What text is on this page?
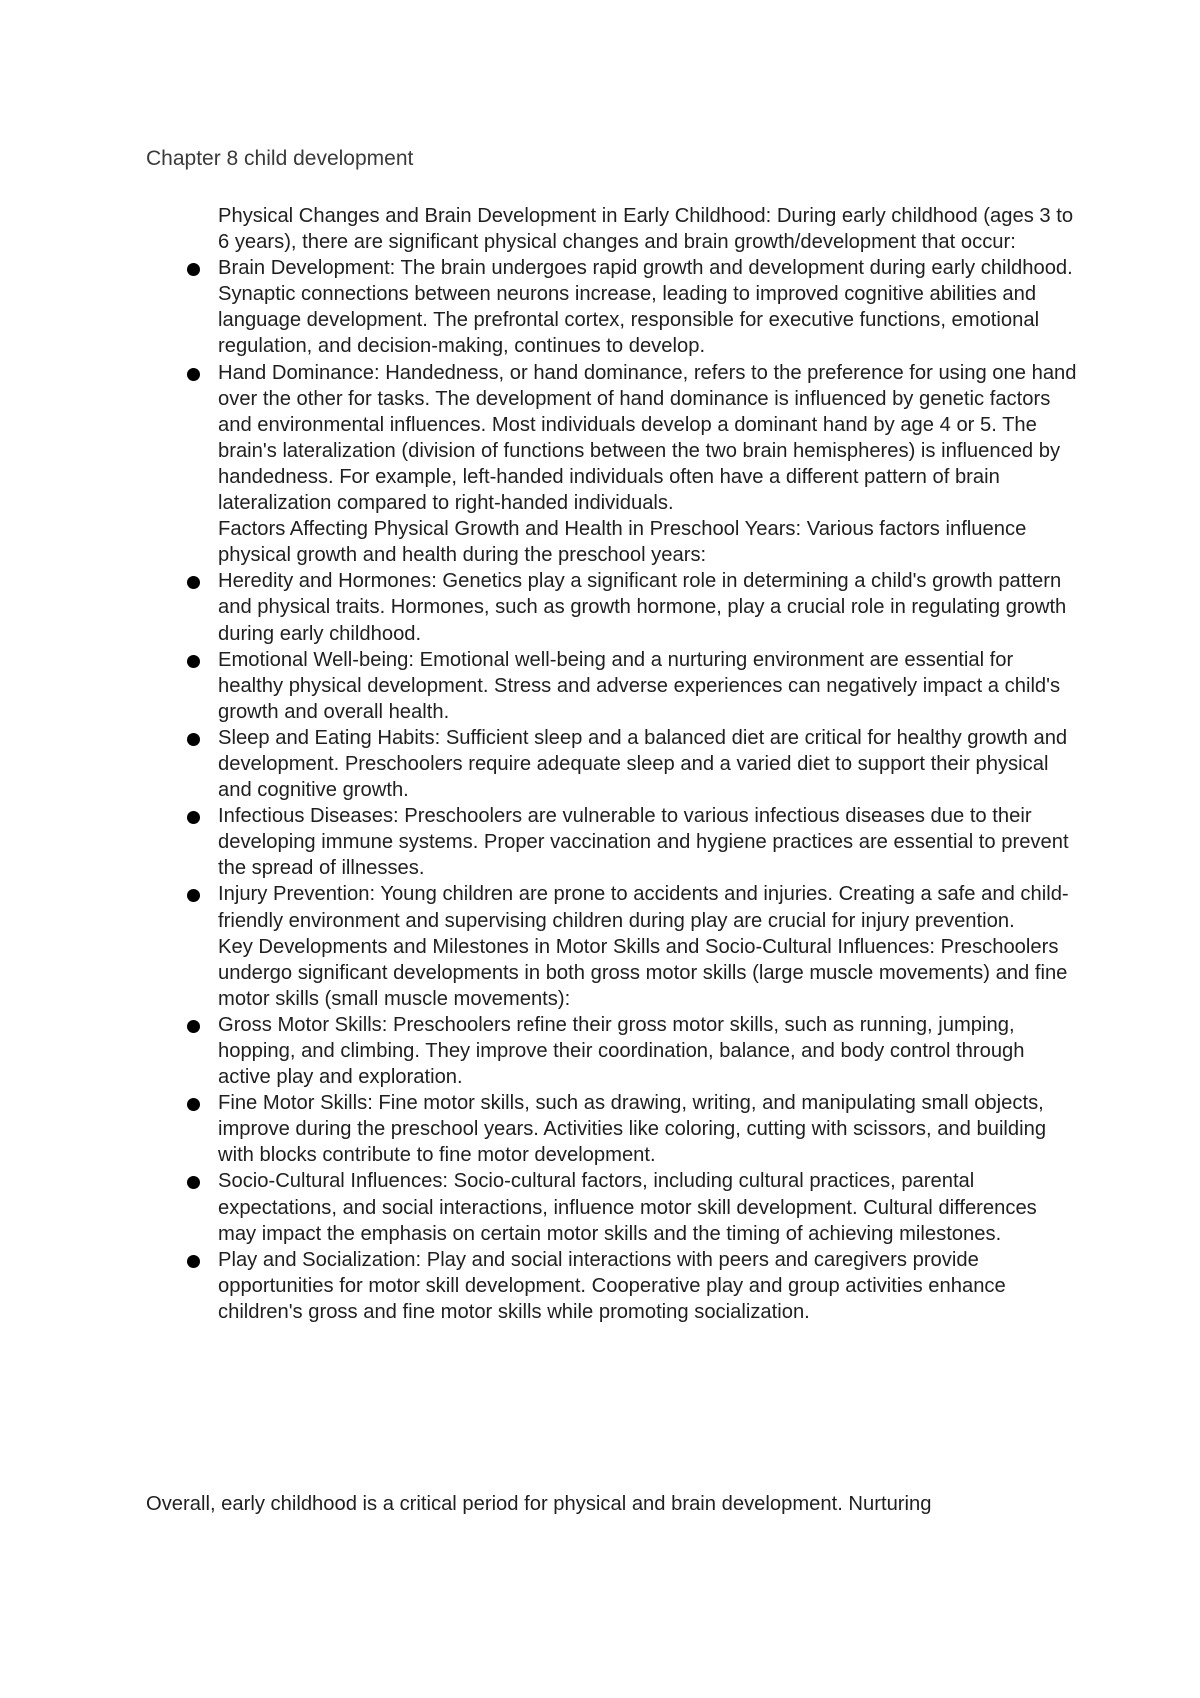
Chapter 8 child development

Physical Changes and Brain Development in Early Childhood: During early childhood (ages 3 to 6 years), there are significant physical changes and brain growth/development that occur:

Brain Development: The brain undergoes rapid growth and development during early childhood. Synaptic connections between neurons increase, leading to improved cognitive abilities and language development. The prefrontal cortex, responsible for executive functions, emotional regulation, and decision-making, continues to develop.
Hand Dominance: Handedness, or hand dominance, refers to the preference for using one hand over the other for tasks. The development of hand dominance is influenced by genetic factors and environmental influences. Most individuals develop a dominant hand by age 4 or 5. The brain's lateralization (division of functions between the two brain hemispheres) is influenced by handedness. For example, left-handed individuals often have a different pattern of brain lateralization compared to right-handed individuals.

Factors Affecting Physical Growth and Health in Preschool Years: Various factors influence physical growth and health during the preschool years:

Heredity and Hormones: Genetics play a significant role in determining a child's growth pattern and physical traits. Hormones, such as growth hormone, play a crucial role in regulating growth during early childhood.
Emotional Well-being: Emotional well-being and a nurturing environment are essential for healthy physical development. Stress and adverse experiences can negatively impact a child's growth and overall health.
Sleep and Eating Habits: Sufficient sleep and a balanced diet are critical for healthy growth and development. Preschoolers require adequate sleep and a varied diet to support their physical and cognitive growth.
Infectious Diseases: Preschoolers are vulnerable to various infectious diseases due to their developing immune systems. Proper vaccination and hygiene practices are essential to prevent the spread of illnesses.
Injury Prevention: Young children are prone to accidents and injuries. Creating a safe and child-friendly environment and supervising children during play are crucial for injury prevention.

Key Developments and Milestones in Motor Skills and Socio-Cultural Influences: Preschoolers undergo significant developments in both gross motor skills (large muscle movements) and fine motor skills (small muscle movements):

Gross Motor Skills: Preschoolers refine their gross motor skills, such as running, jumping, hopping, and climbing. They improve their coordination, balance, and body control through active play and exploration.
Fine Motor Skills: Fine motor skills, such as drawing, writing, and manipulating small objects, improve during the preschool years. Activities like coloring, cutting with scissors, and building with blocks contribute to fine motor development.
Socio-Cultural Influences: Socio-cultural factors, including cultural practices, parental expectations, and social interactions, influence motor skill development. Cultural differences may impact the emphasis on certain motor skills and the timing of achieving milestones.
Play and Socialization: Play and social interactions with peers and caregivers provide opportunities for motor skill development. Cooperative play and group activities enhance children's gross and fine motor skills while promoting socialization.

Overall, early childhood is a critical period for physical and brain development. Nurturing
